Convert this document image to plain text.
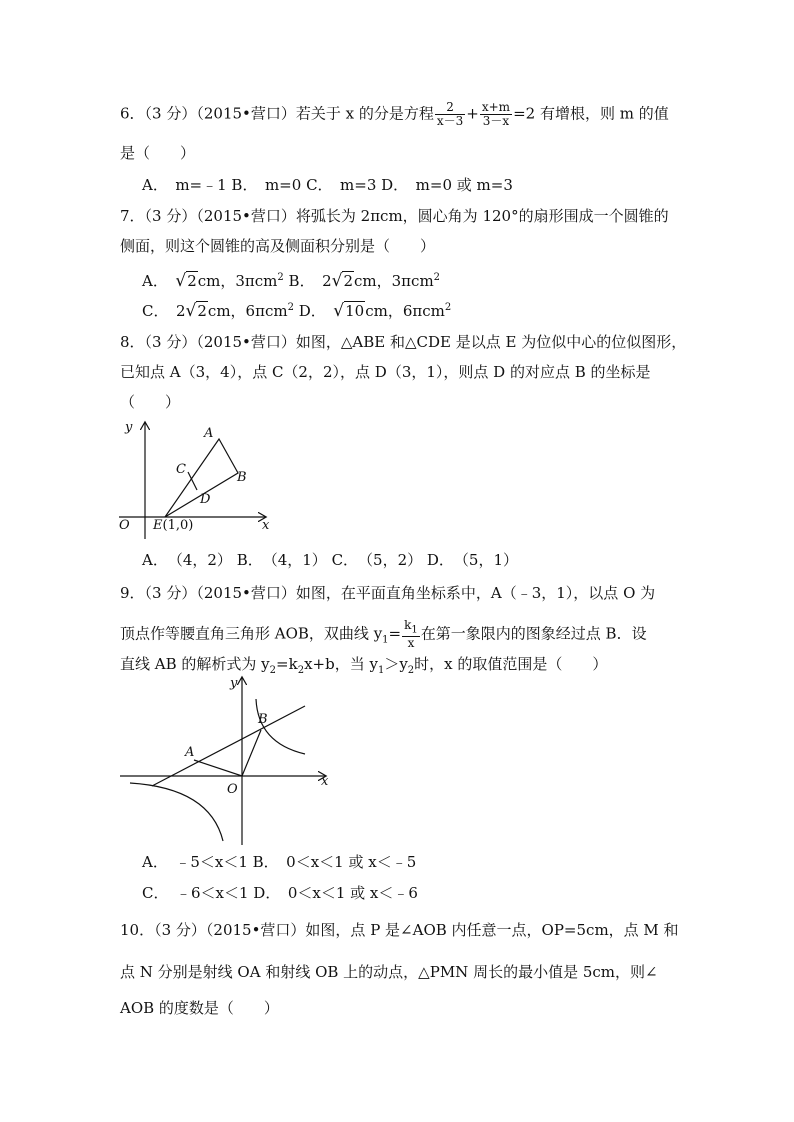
6．（3 分）（2015•营口）若关于 x 的分是方程 $\frac{2}{x-3} + \frac{x+m}{3-x} =2$ 有增根，则 m 的值
是（　　）
A．　m=﹣1 B．　m=0 C．　m=3 D．　m=0 或 m=3
7．（3 分）（2015•营口）将弧长为 2πcm，圆心角为 120°的扇形围成一个圆锥的
侧面，则这个圆锥的高及侧面积分别是（　　）
A．　√2cm，3πcm$^2$ B．　2√2cm，3πcm$^2$
C．　2√2cm，6πcm$^2$ D．　√10cm，6πcm$^2$
8．（3 分）（2015•营口）如图，△ABE 和△CDE 是以点 E 为位似中心的位似图形，
已知点 A（3，4），点 C（2，2），点 D（3，1），则点 D 的对应点 B 的坐标是
（　　）
y
x
O
A
B
C
D
E(1,0)
A．　（4，2） B．　（4，1） C．　（5，2） D．　（5，1）
9．（3 分）（2015•营口）如图，在平面直角坐标系中，A（﹣3，1），以点 O 为
顶点作等腰直角三角形 AOB，双曲线 $y_1= \frac{k_1}{x}$ 在第一象限内的图象经过点 B．设
直线 AB 的解析式为 $y_2=k_2x+b$，当 $y_1>y_2$时，x 的取值范围是（　　）
y
x
O
A
B
A．　﹣5＜x＜1 B．　0＜x＜1 或 x＜﹣5
C．　﹣6＜x＜1 D．　0＜x＜1 或 x＜﹣6
10．（3 分）（2015•营口）如图，点 P 是∠AOB 内任意一点，OP=5cm，点 M 和
点 N 分别是射线 OA 和射线 OB 上的动点，△PMN 周长的最小值是 5cm，则∠
AOB 的度数是（　　）
